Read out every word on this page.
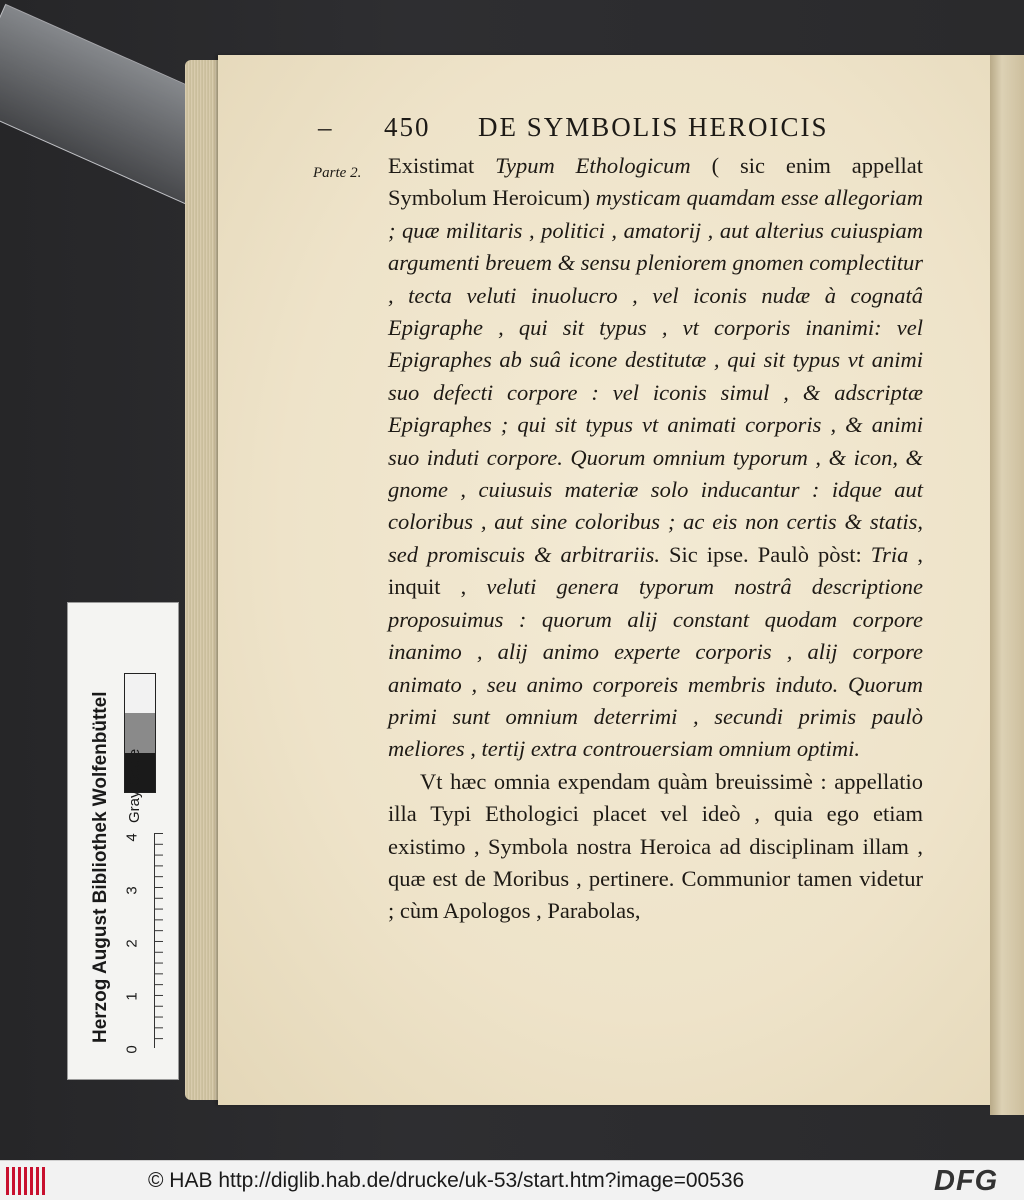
– 450 DE SYMBOLIS HEROICIS
Parte 2. Existimat Typum Ethologicum ( sic enim appellat Symbolum Heroicum) mysticam quamdam esse allegoriam ; quæ militaris , politici , amatorij , aut alterius cuiuspiam argumenti breuem & sensu pleniorem gnomen complectitur , tecta veluti inuolucro , vel iconis nudæ à cognatâ Epigraphe , qui sit typus , vt corporis inanimi: vel Epigraphes ab suâ icone destitutæ , qui sit typus vt animi suo defecti corpore : vel iconis simul , & adscriptæ Epigraphes ; qui sit typus vt animati corporis , & animi suo induti corpore. Quorum omnium typorum , & icon, & gnome , cuiusuis materiæ solo inducantur : idque aut coloribus , aut sine coloribus ; ac eis non certis & statis, sed promiscuis & arbitrariis. Sic ipse. Paulò pòst: Tria , inquit , veluti genera typorum nostrâ descriptione proposuimus : quorum alij constant quodam corpore inanimo , alij animo experte corporis , alij corpore animato , seu animo corporeis membris induto. Quorum primi sunt omnium deterrimi , secundi primis paulò meliores , tertij extra controuersiam omnium optimi.

Vt hæc omnia expendam quàm breuissimè : appellatio illa Typi Ethologici placet vel ideò , quia ego etiam existimo , Symbola nostra Heroica ad disciplinam illam , quæ est de Moribus , pertinere. Communior tamen videtur ; cùm Apologos , Parabolas,

Herzog August Bibliothek Wolfenbüttel Gray Scale
0
1
2
3
4
© HAB http://diglib.hab.de/drucke/uk-53/start.htm?image=00536	DFG
